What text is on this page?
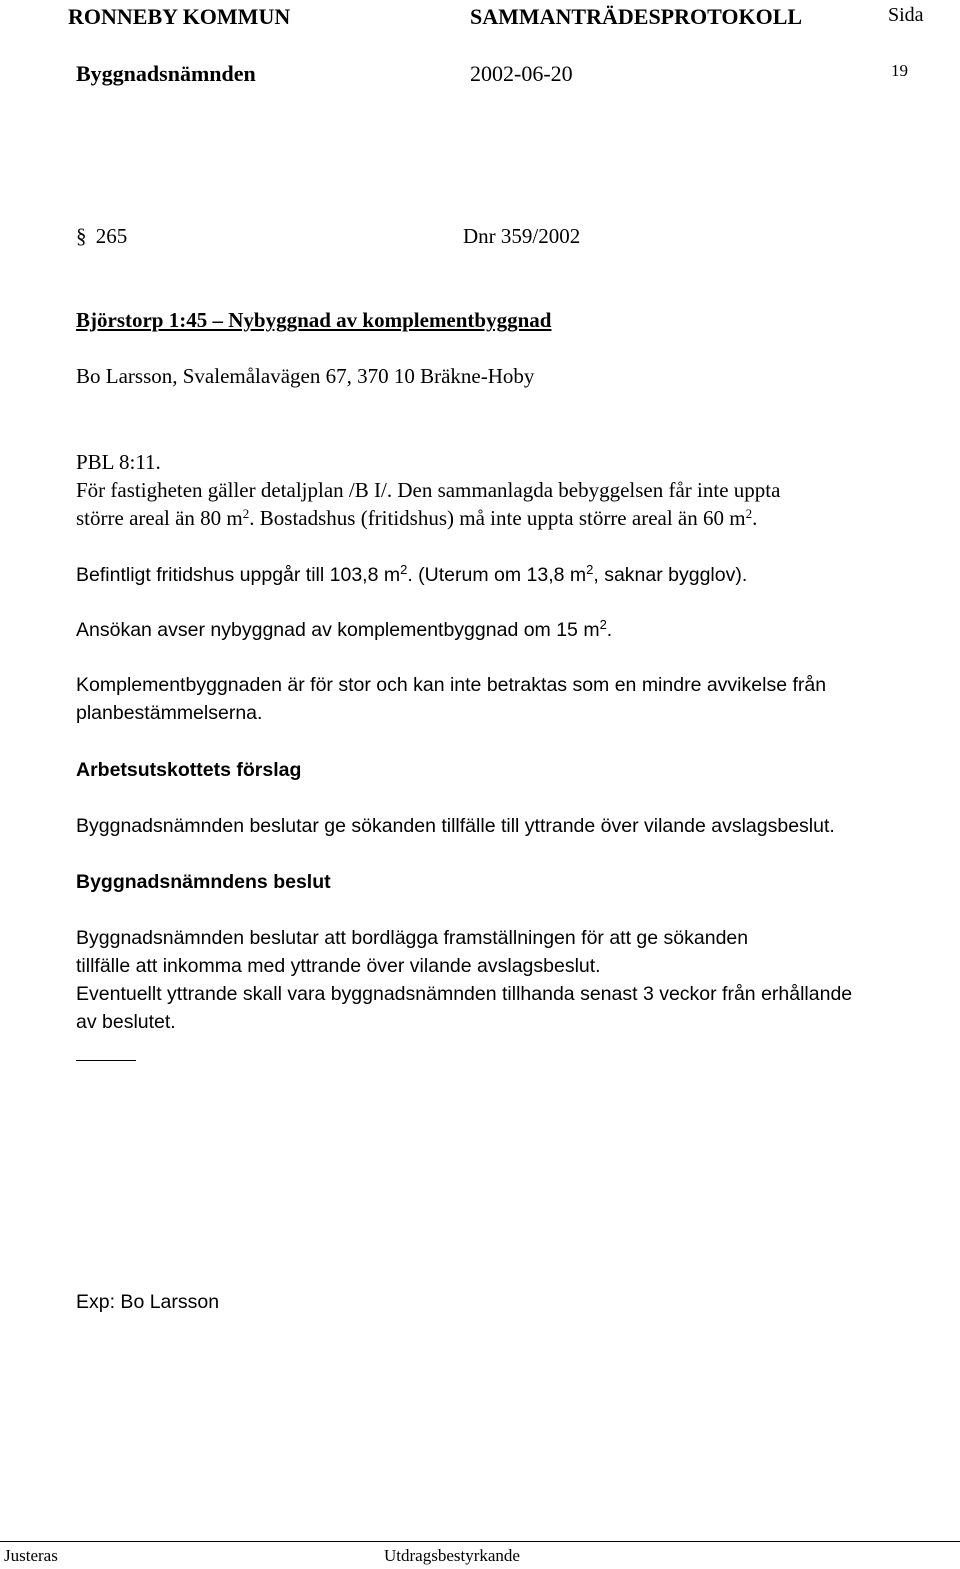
RONNEBY KOMMUN	SAMMANTRÄDESPROTOKOLL	Sida
Byggnadsnämnden	2002-06-20	19
§ 265	Dnr 359/2002
Björstorp 1:45 – Nybyggnad av komplementbyggnad
Bo Larsson, Svalemålavägen 67, 370 10 Bräkne-Hoby
PBL 8:11.
För fastigheten gäller detaljplan /B I/. Den sammanlagda bebyggelsen får inte uppta
större areal än 80 $m^2$. Bostadshus (fritidshus) må inte uppta större areal än 60 $m^2$.
Befintligt fritidshus uppgår till 103,8 $m^2$. (Uterum om 13,8 $m^2$, saknar bygglov).
Ansökan avser nybyggnad av komplementbyggnad om 15 $m^2$.
Komplementbyggnaden är för stor och kan inte betraktas som en mindre avvikelse från
planbestämmelserna.
Arbetsutskottets förslag
Byggnadsnämnden beslutar ge sökanden tillfälle till yttrande över vilande avslagsbeslut.
Byggnadsnämndens beslut
Byggnadsnämnden beslutar att bordlägga framställningen för att ge sökanden
tillfälle att inkomma med yttrande över vilande avslagsbeslut.
Eventuellt yttrande skall vara byggnadsnämnden tillhanda senast 3 veckor från erhållande
av beslutet.
Exp: Bo Larsson
Justeras	Utdragsbestyrkande
